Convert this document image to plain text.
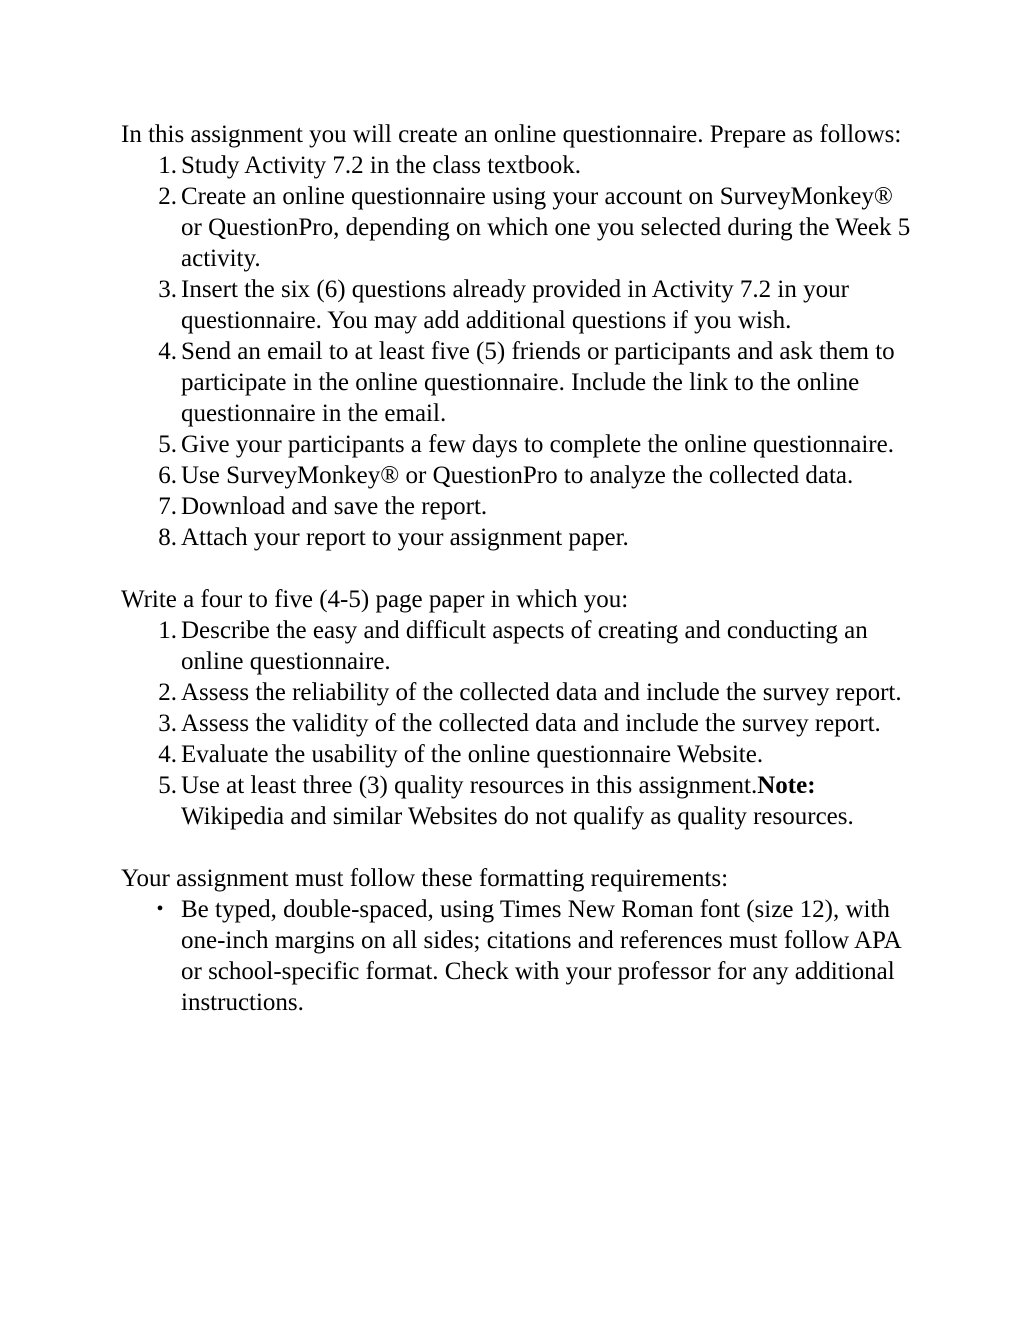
In this assignment you will create an online questionnaire. Prepare as follows:

Study Activity 7.2 in the class textbook.
Create an online questionnaire using your account on SurveyMonkey® or QuestionPro, depending on which one you selected during the Week 5 activity.
Insert the six (6) questions already provided in Activity 7.2 in your questionnaire. You may add additional questions if you wish.
Send an email to at least five (5) friends or participants and ask them to participate in the online questionnaire. Include the link to the online questionnaire in the email.
Give your participants a few days to complete the online questionnaire.
Use SurveyMonkey® or QuestionPro to analyze the collected data.
Download and save the report.
Attach your report to your assignment paper.

Write a four to five (4-5) page paper in which you:

Describe the easy and difficult aspects of creating and conducting an online questionnaire.
Assess the reliability of the collected data and include the survey report.
Assess the validity of the collected data and include the survey report.
Evaluate the usability of the online questionnaire Website.
Use at least three (3) quality resources in this assignment.Note: Wikipedia and similar Websites do not qualify as quality resources.

Your assignment must follow these formatting requirements:

• Be typed, double-spaced, using Times New Roman font (size 12), with one-inch margins on all sides; citations and references must follow APA or school-specific format. Check with your professor for any additional instructions.
